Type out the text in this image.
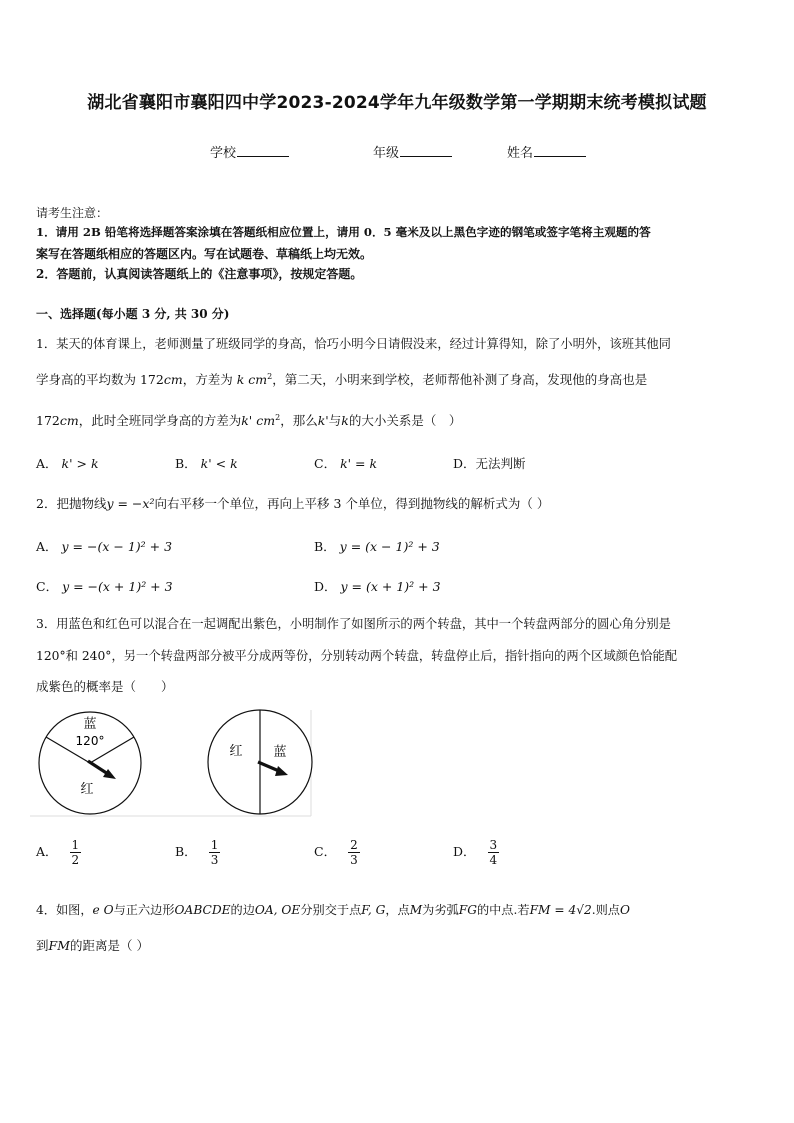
湖北省襄阳市襄阳四中学2023-2024学年九年级数学第一学期期末统考模拟试题
学校	年级	姓名
请考生注意：
1．请用 2B 铅笔将选择题答案涂填在答题纸相应位置上，请用 0．5 毫米及以上黑色字迹的钢笔或签字笔将主观题的答
案写在答题纸相应的答题区内。写在试题卷、草稿纸上均无效。
2．答题前，认真阅读答题纸上的《注意事项》，按规定答题。
一、选择题(每小题 3 分, 共 30 分)
1．某天的体育课上，老师测量了班级同学的身高，恰巧小明今日请假没来，经过计算得知，除了小明外，该班其他同
学身高的平均数为 172cm，方差为 k $cm^2$，第二天，小明来到学校，老师帮他补测了身高，发现他的身高也是
172cm，此时全班同学身高的方差为k' $cm^2$，那么k'与k的大小关系是（　）
A． k' > k	B． k' < k	C． k' = k	D．无法判断
2．把抛物线y = −x²向右平移一个单位，再向上平移 3 个单位，得到抛物线的解析式为（ ）
A． y = −(x − 1)² + 3	B． y = (x − 1)² + 3
C． y = −(x + 1)² + 3	D． y = (x + 1)² + 3
3．用蓝色和红色可以混合在一起调配出紫色，小明制作了如图所示的两个转盘，其中一个转盘两部分的圆心角分别是
120°和 240°，另一个转盘两部分被平分成两等份，分别转动两个转盘，转盘停止后，指针指向的两个区域颜色恰能配
成紫色的概率是（　　）
蓝
120°
红
红 蓝
A． $\frac{1}{2}$	B． $\frac{1}{3}$	C． $\frac{2}{3}$	D． $\frac{3}{4}$
4．如图，e O与正六边形OABCDE的边OA, OE分别交于点F, G，点M为劣弧FG的中点.若FM = 4√2.则点O
到FM的距离是（ ）
